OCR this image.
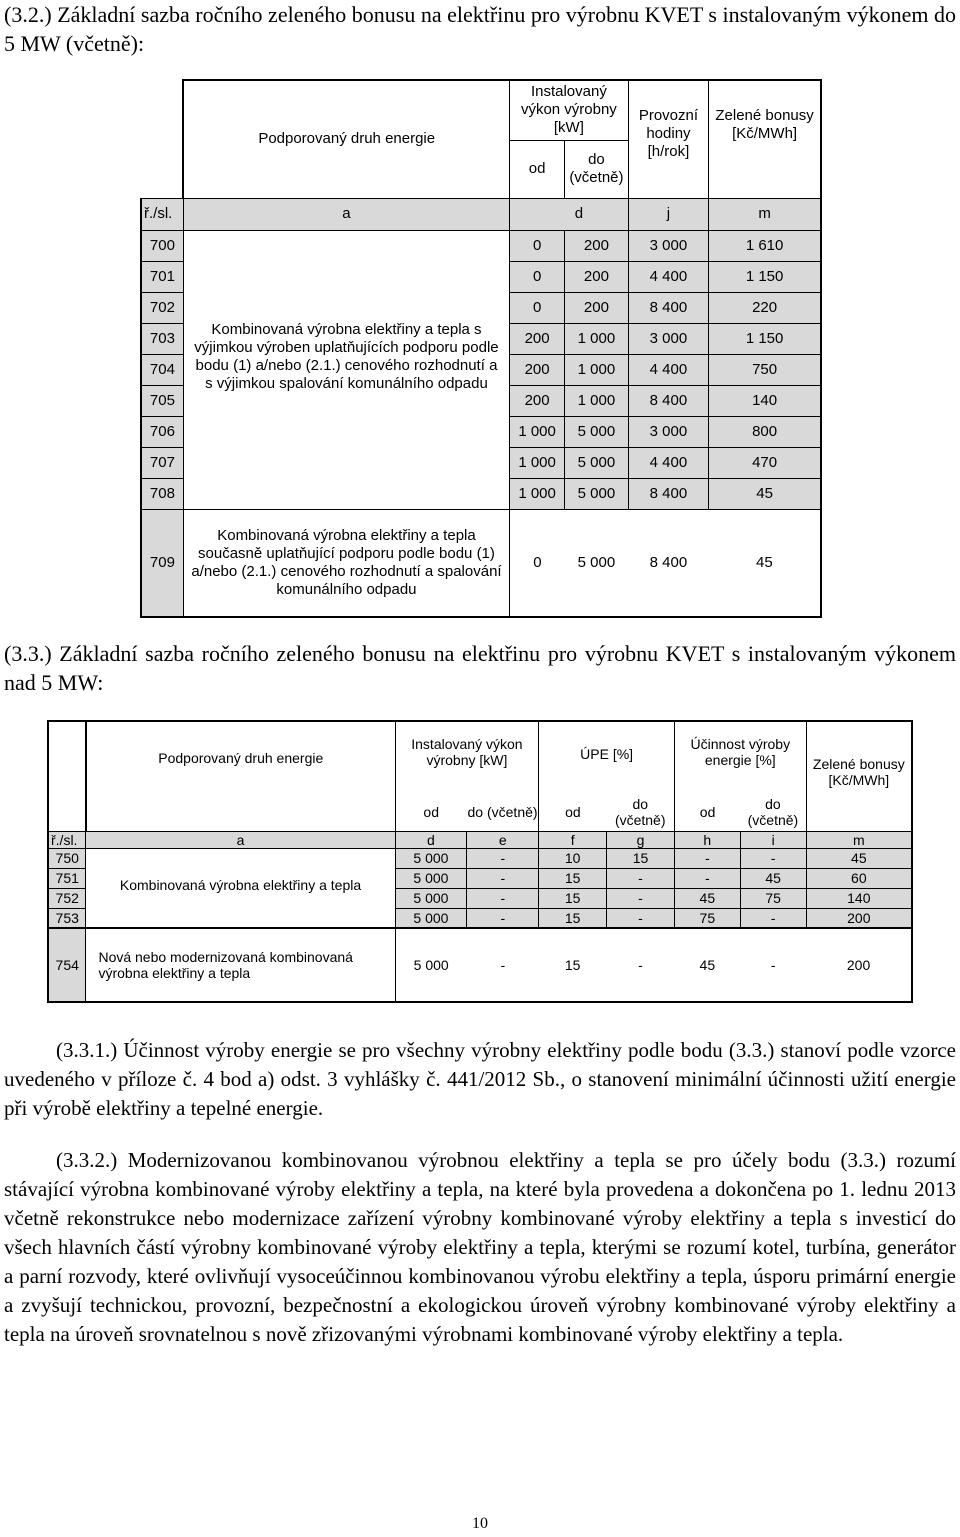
(3.2.) Základní sazba ročního zeleného bonusu na elektřinu pro výrobnu KVET s instalovaným výkonem do 5 MW (včetně):
	Podporovaný druh energie	Instalovaný výkon výrobny [kW]		Provozní hodiny [h/rok]	Zelené bonusy [Kč/MWh]
		od	do (včetně)		
ř./sl.	a	d		j	m
700	Kombinovaná výrobna elektřiny a tepla s výjimkou výroben uplatňujících podporu podle bodu (1) a/nebo (2.1.) cenového rozhodnutí a s výjimkou spalování komunálního odpadu	0	200	3 000	1 610
701		0	200	4 400	1 150
702		0	200	8 400	220
703		200	1 000	3 000	1 150
704		200	1 000	4 400	750
705		200	1 000	8 400	140
706		1 000	5 000	3 000	800
707		1 000	5 000	4 400	470
708		1 000	5 000	8 400	45
709	Kombinovaná výrobna elektřiny a tepla současně uplatňující podporu podle bodu (1) a/nebo (2.1.) cenového rozhodnutí a spalování komunálního odpadu	0	5 000	8 400	45
(3.3.) Základní sazba ročního zeleného bonusu na elektřinu pro výrobnu KVET s instalovaným výkonem nad 5 MW:

	Podporovaný druh energie	Instalovaný výkon výrobny [kW]		ÚPE [%]		Účinnost výroby energie [%]		Zelené bonusy [Kč/MWh]

		od	do (včetně)	od	do (včetně)	od	do (včetně)	
ř./sl.	a	d	e	f	g	h	i	m
750	Kombinovaná výrobna elektřiny a tepla	5 000	-	10	15	-	-	45
751		5 000	-	15	-	-	45	60
752		5 000	-	15	-	45	75	140
753		5 000	-	15	-	75	-	200
754	Nová nebo modernizovaná kombinovaná výrobna elektřiny a tepla	5 000	-	15	-	45	-	200
(3.3.1.) Účinnost výroby energie se pro všechny výrobny elektřiny podle bodu (3.3.) stanoví podle vzorce uvedeného v příloze č. 4 bod a) odst. 3 vyhlášky č. 441/2012 Sb., o stanovení minimální účinnosti užití energie při výrobě elektřiny a tepelné energie.
(3.3.2.) Modernizovanou kombinovanou výrobnou elektřiny a tepla se pro účely bodu (3.3.) rozumí stávající výrobna kombinované výroby elektřiny a tepla, na které byla provedena a dokončena po 1. lednu 2013 včetně rekonstrukce nebo modernizace zařízení výrobny kombinované výroby elektřiny a tepla s investicí do všech hlavních částí výrobny kombinované výroby elektřiny a tepla, kterými se rozumí kotel, turbína, generátor a parní rozvody, které ovlivňují vysoceúčinnou kombinovanou výrobu elektřiny a tepla, úsporu primární energie a zvyšují technickou, provozní, bezpečnostní a ekologickou úroveň výrobny kombinované výroby elektřiny a tepla na úroveň srovnatelnou s nově zřizovanými výrobnami kombinované výroby elektřiny a tepla.
10
